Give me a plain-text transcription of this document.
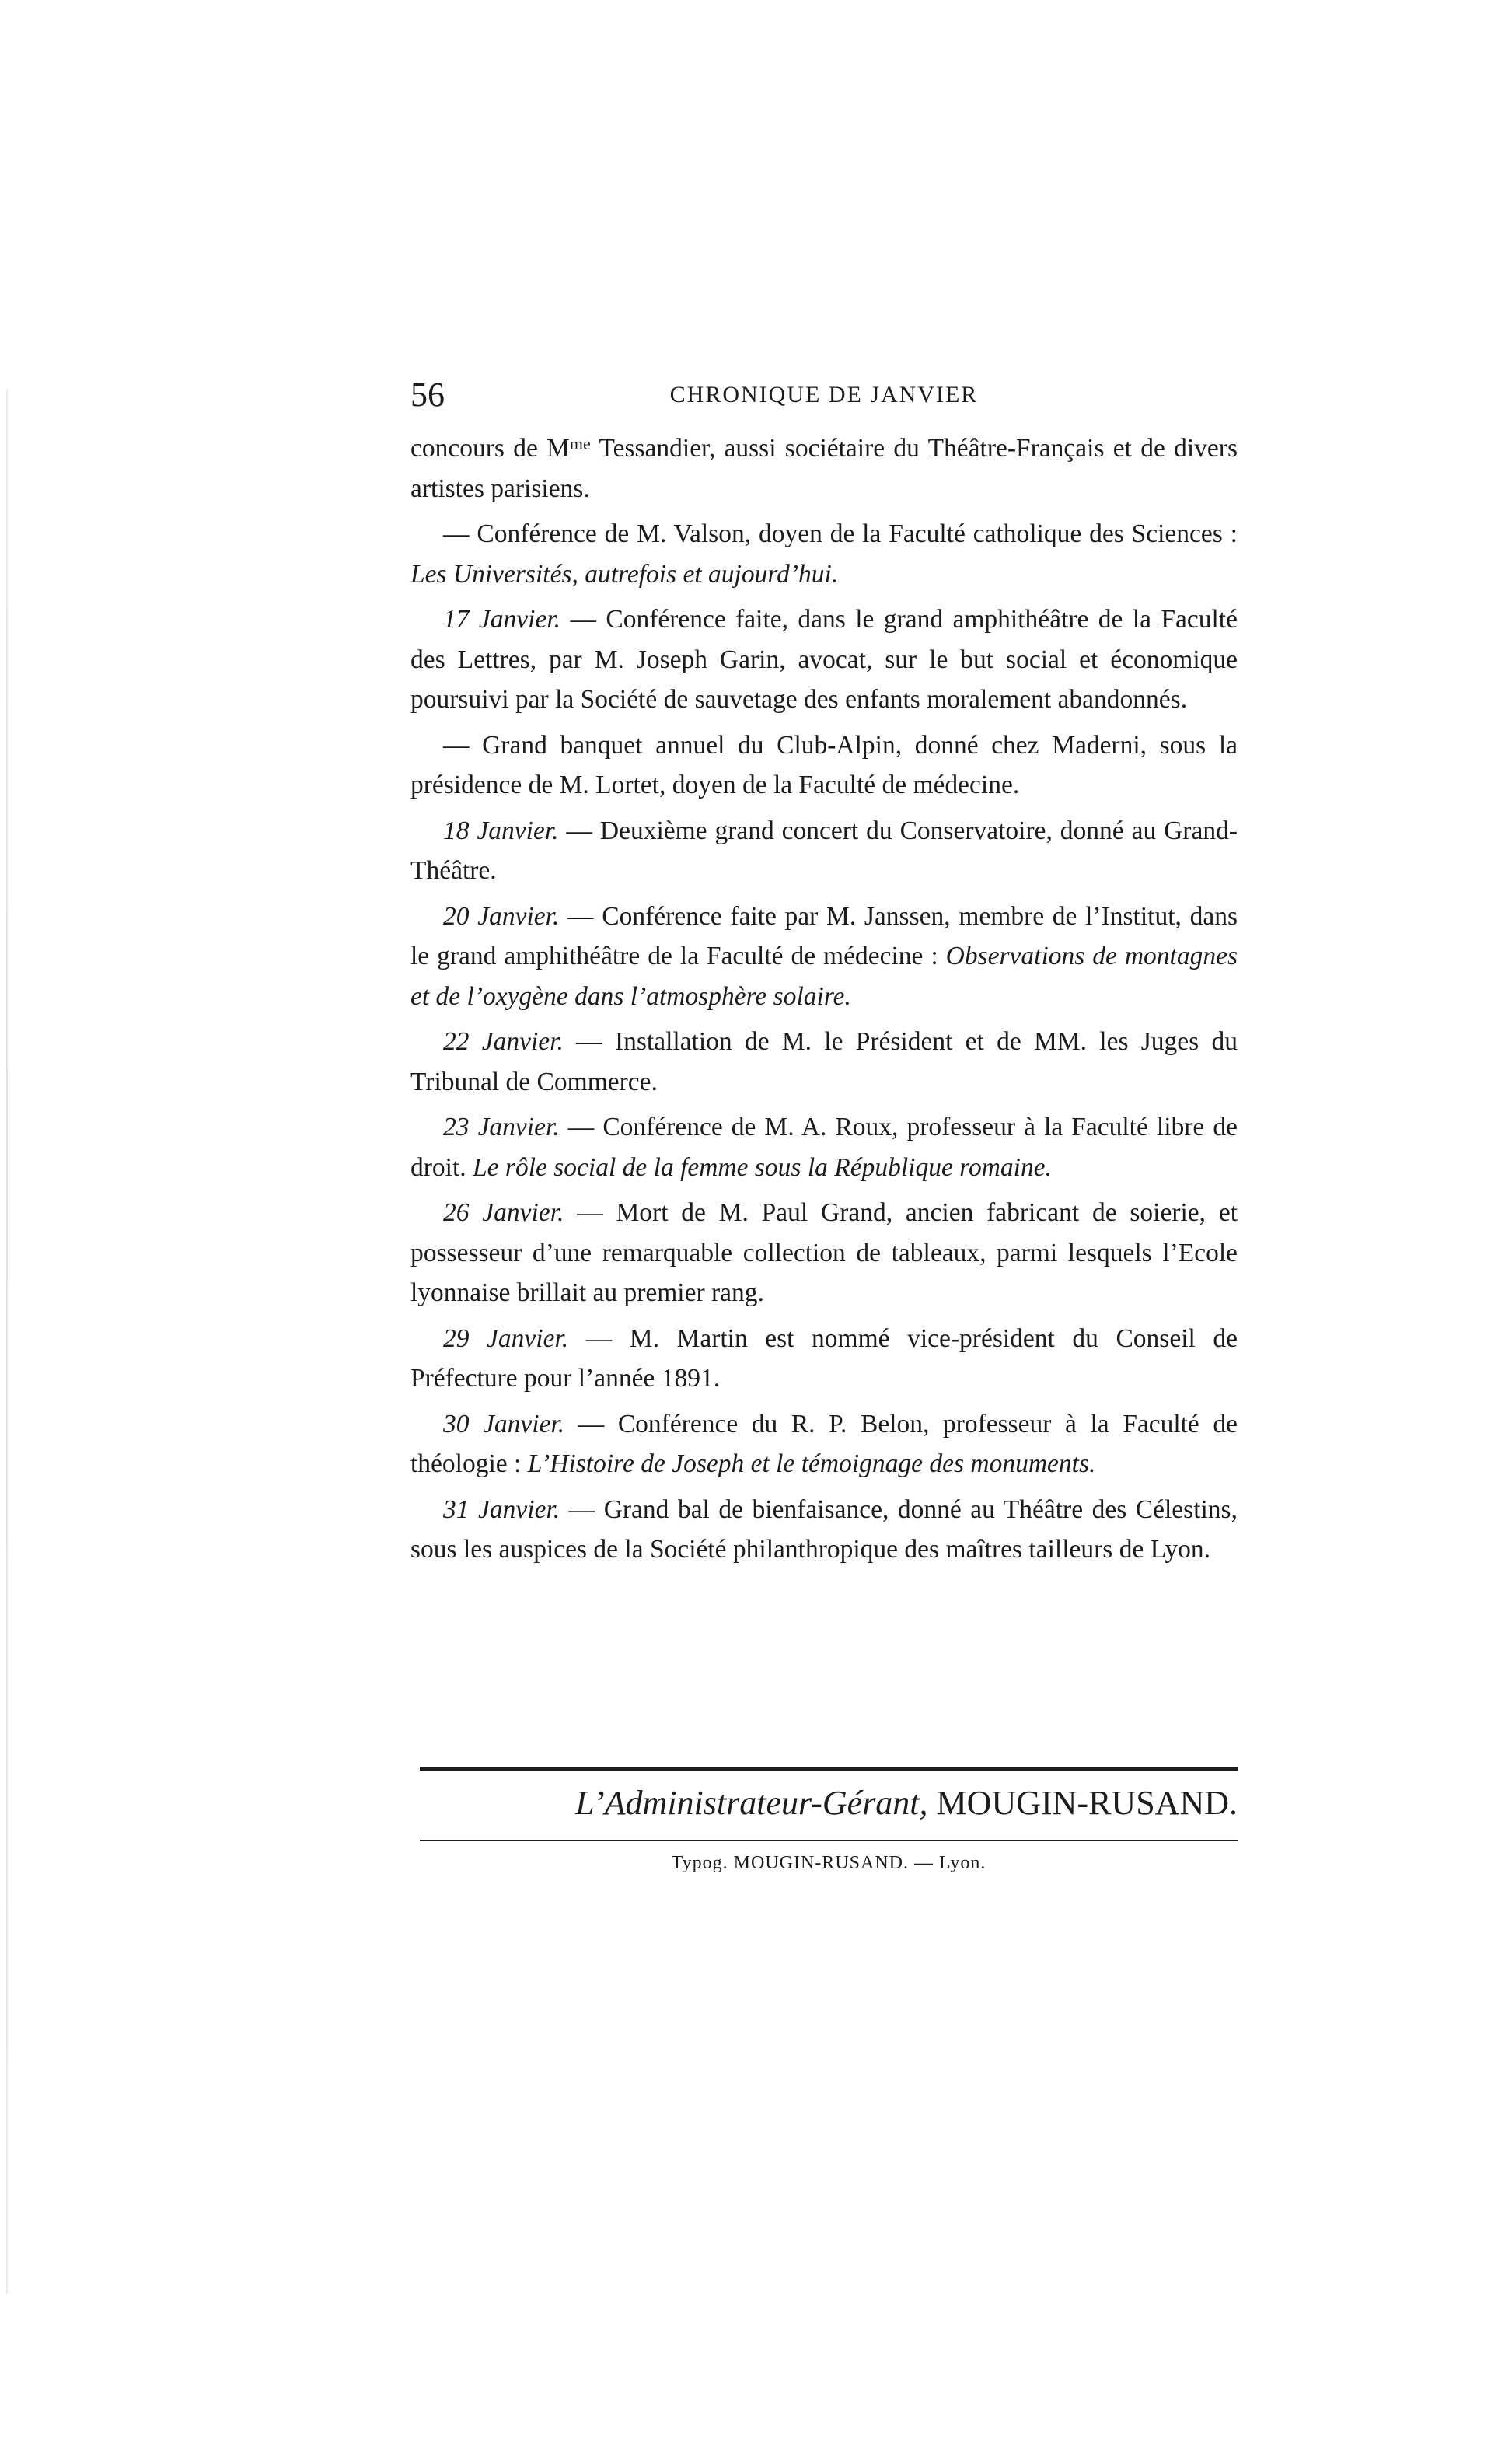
56	CHRONIQUE DE JANVIER

concours de $M^{me}$ Tessandier, aussi sociétaire du Théâtre-Français et de divers artistes parisiens.

— Conférence de M. Valson, doyen de la Faculté catholique des Sciences : Les Universités, autrefois et aujourd’hui.

17 Janvier. — Conférence faite, dans le grand amphithéâtre de la Faculté des Lettres, par M. Joseph Garin, avocat, sur le but social et économique poursuivi par la Société de sauvetage des enfants moralement abandonnés.

— Grand banquet annuel du Club-Alpin, donné chez Maderni, sous la présidence de M. Lortet, doyen de la Faculté de médecine.

18 Janvier. — Deuxième grand concert du Conservatoire, donné au Grand-Théâtre.

20 Janvier. — Conférence faite par M. Janssen, membre de l’Institut, dans le grand amphithéâtre de la Faculté de médecine : Observations de montagnes et de l’oxygène dans l’atmosphère solaire.

22 Janvier. — Installation de M. le Président et de MM. les Juges du Tribunal de Commerce.

23 Janvier. — Conférence de M. A. Roux, professeur à la Faculté libre de droit. Le rôle social de la femme sous la République romaine.

26 Janvier. — Mort de M. Paul Grand, ancien fabricant de soierie, et possesseur d’une remarquable collection de tableaux, parmi lesquels l’Ecole lyonnaise brillait au premier rang.

29 Janvier. — M. Martin est nommé vice-président du Conseil de Préfecture pour l’année 1891.

30 Janvier. — Conférence du R. P. Belon, professeur à la Faculté de théologie : L’Histoire de Joseph et le témoignage des monuments.

31 Janvier. — Grand bal de bienfaisance, donné au Théâtre des Célestins, sous les auspices de la Société philanthropique des maîtres tailleurs de Lyon.

L’Administrateur-Gérant, MOUGIN-RUSAND.
Typog. MOUGIN-RUSAND. — Lyon.
